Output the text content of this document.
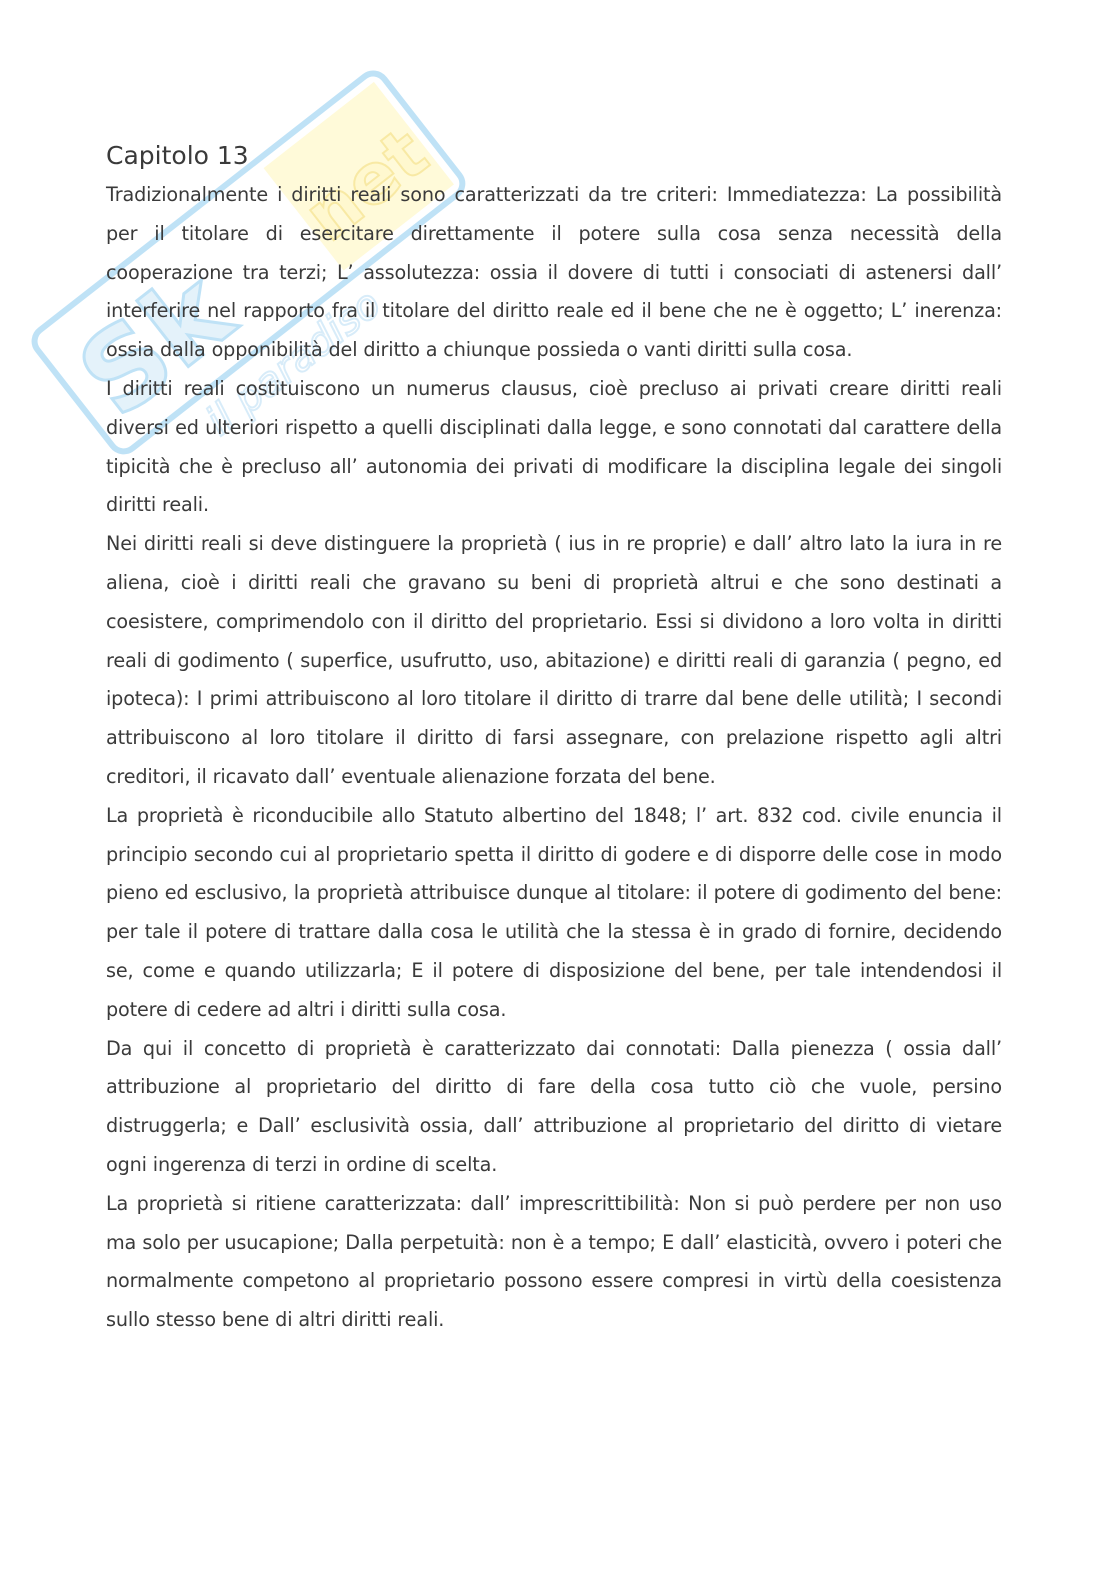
Sk
net
il paradiso
Capitolo 13

Tradizionalmente i diritti reali sono caratterizzati da tre criteri: Immediatezza: La possibilità per il titolare di esercitare direttamente il potere sulla cosa senza necessità della cooperazione tra terzi; L’ assolutezza: ossia il dovere di tutti i consociati di astenersi dall’ interferire nel rapporto fra il titolare del diritto reale ed il bene che ne è oggetto; L’ inerenza: ossia dalla opponibilità del diritto a chiunque possieda o vanti diritti sulla cosa.

I diritti reali costituiscono un numerus clausus, cioè precluso ai privati creare diritti reali diversi ed ulteriori rispetto a quelli disciplinati dalla legge, e sono connotati dal carattere della tipicità che è precluso all’ autonomia dei privati di modificare la disciplina legale dei singoli diritti reali.

Nei diritti reali si deve distinguere la proprietà ( ius in re proprie) e dall’ altro lato la iura in re aliena, cioè i diritti reali che gravano su beni di proprietà altrui e che sono destinati a coesistere, comprimendolo con il diritto del proprietario. Essi si dividono a loro volta in diritti reali di godimento ( superfice, usufrutto, uso, abitazione) e diritti reali di garanzia ( pegno, ed ipoteca): I primi attribuiscono al loro titolare il diritto di trarre dal bene delle utilità; I secondi attribuiscono al loro titolare il diritto di farsi assegnare, con prelazione rispetto agli altri creditori, il ricavato dall’ eventuale alienazione forzata del bene.

La proprietà è riconducibile allo Statuto albertino del 1848; l’ art. 832 cod. civile enuncia il principio secondo cui al proprietario spetta il diritto di godere e di disporre delle cose in modo pieno ed esclusivo, la proprietà attribuisce dunque al titolare: il potere di godimento del bene: per tale il potere di trattare dalla cosa le utilità che la stessa è in grado di fornire, decidendo se, come e quando utilizzarla; E il potere di disposizione del bene, per tale intendendosi il potere di cedere ad altri i diritti sulla cosa.

Da qui il concetto di proprietà è caratterizzato dai connotati: Dalla pienezza ( ossia dall’ attribuzione al proprietario del diritto di fare della cosa tutto ciò che vuole, persino distruggerla; e Dall’ esclusività ossia, dall’ attribuzione al proprietario del diritto di vietare ogni ingerenza di terzi in ordine di scelta.

La proprietà si ritiene caratterizzata: dall’ imprescrittibilità: Non si può perdere per non uso ma solo per usucapione; Dalla perpetuità: non è a tempo; E dall’ elasticità, ovvero i poteri che normalmente competono al proprietario possono essere compresi in virtù della coesistenza sullo stesso bene di altri diritti reali.
